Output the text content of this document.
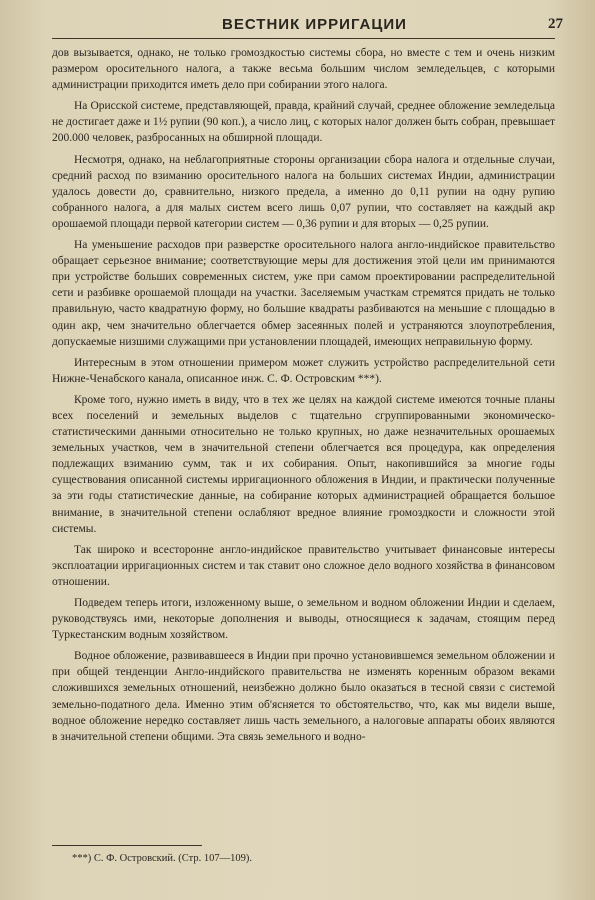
ВЕСТНИК ИРРИГАЦИИ	27

дов вызывается, однако, не только громоздкостью системы сбора, но вместе с тем и очень низким размером оросительного налога, а также весьма большим числом земледельцев, с которыми администрации приходится иметь дело при собирании этого налога.

На Орисской системе, представляющей, правда, крайний случай, среднее обложение земледельца не достигает даже и 1½ рупии (90 коп.), а число лиц, с которых налог должен быть собран, превышает 200.000 человек, разбросанных на обширной площади.

Несмотря, однако, на неблагоприятные стороны организации сбора налога и отдельные случаи, средний расход по взиманию оросительного налога на больших системах Индии, администрации удалось довести до, сравнительно, низкого предела, а именно до 0,11 рупии на одну рупию собранного налога, а для малых систем всего лишь 0,07 рупии, что составляет на каждый акр орошаемой площади первой категории систем — 0,36 рупии и для вторых — 0,25 рупии.

На уменьшение расходов при разверстке оросительного налога англо-индийское правительство обращает серьезное внимание; соответствующие меры для достижения этой цели им принимаются при устройстве больших современных систем, уже при самом проектировании распределительной сети и разбивке орошаемой площади на участки. Заселяемым участкам стремятся придать не только правильную, часто квадратную форму, но большие квадраты разбиваются на меньшие с площадью в один акр, чем значительно облегчается обмер засеянных полей и устраняются злоупотребления, допускаемые низшими служащими при установлении площадей, имеющих неправильную форму.

Интересным в этом отношении примером может служить устройство распределительной сети Нижне-Ченабского канала, описанное инж. С. Ф. Островским ***).

Кроме того, нужно иметь в виду, что в тех же целях на каждой системе имеются точные планы всех поселений и земельных выделов с тщательно сгруппированными экономическо-статистическими данными относительно не только крупных, но даже незначительных орошаемых земельных участков, чем в значительной степени облегчается вся процедура, как определения подлежащих взиманию сумм, так и их собирания. Опыт, накопившийся за многие годы существования описанной системы ирригационного обложения в Индии, и практически полученные за эти годы статистические данные, на собирание которых администрацией обращается большое внимание, в значительной степени ослабляют вредное влияние громоздкости и сложности этой системы.

Так широко и всесторонне англо-индийское правительство учитывает финансовые интересы эксплоатации ирригационных систем и так ставит оно сложное дело водного хозяйства в финансовом отношении.

Подведем теперь итоги, изложенному выше, о земельном и водном обложении Индии и сделаем, руководствуясь ими, некоторые дополнения и выводы, относящиеся к задачам, стоящим перед Туркестанским водным хозяйством.

Водное обложение, развивавшееся в Индии при прочно установившемся земельном обложении и при общей тенденции Англо-индийского правительства не изменять коренным образом веками сложившихся земельных отношений, неизбежно должно было оказаться в тесной связи с системой земельно-податного дела. Именно этим об'ясняется то обстоятельство, что, как мы видели выше, водное обложение нередко составляет лишь часть земельного, а налоговые аппараты обоих являются в значительной степени общими. Эта связь земельного и водно-

***) С. Ф. Островский. (Стр. 107—109).
